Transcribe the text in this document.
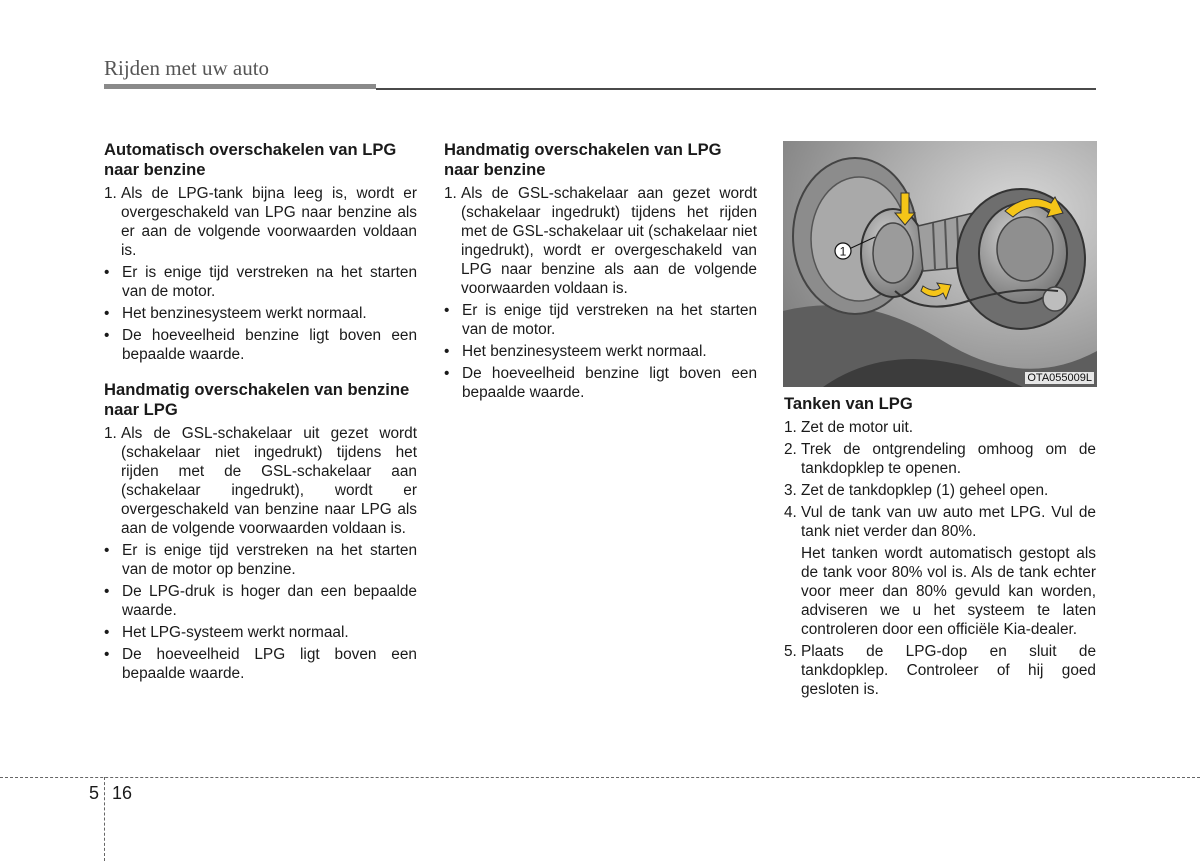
Rijden met uw auto
Automatisch overschakelen van LPG naar benzine
1. Als de LPG-tank bijna leeg is, wordt er overgeschakeld van LPG naar benzine als er aan de volgende voorwaarden voldaan is.
• Er is enige tijd verstreken na het starten van de motor.
• Het benzinesysteem werkt normaal.
• De hoeveelheid benzine ligt boven een bepaalde waarde.
Handmatig overschakelen van benzine naar LPG
1. Als de GSL-schakelaar uit gezet wordt (schakelaar niet ingedrukt) tijdens het rijden met de GSL-schakelaar aan (schakelaar ingedrukt), wordt er overgeschakeld van benzine naar LPG als aan de volgende voorwaarden voldaan is.
• Er is enige tijd verstreken na het starten van de motor op benzine.
• De LPG-druk is hoger dan een bepaalde waarde.
• Het LPG-systeem werkt normaal.
• De hoeveelheid LPG ligt boven een bepaalde waarde.
Handmatig overschakelen van LPG naar benzine
1. Als de GSL-schakelaar aan gezet wordt (schakelaar ingedrukt) tijdens het rijden met de GSL-schakelaar uit (schakelaar niet ingedrukt), wordt er overgeschakeld van LPG naar benzine als aan de volgende voorwaarden voldaan is.
• Er is enige tijd verstreken na het starten van de motor.
• Het benzinesysteem werkt normaal.
• De hoeveelheid benzine ligt boven een bepaalde waarde.
1
OTA055009L
Tanken van LPG
1. Zet de motor uit.
2. Trek de ontgrendeling omhoog om de tankdopklep te openen.
3. Zet de tankdopklep (1) geheel open.
4. Vul de tank van uw auto met LPG. Vul de tank niet verder dan 80%.
Het tanken wordt automatisch gestopt als de tank voor 80% vol is. Als de tank echter voor meer dan 80% gevuld kan worden, adviseren we u het systeem te laten controleren door een officiële Kia-dealer.
5. Plaats de LPG-dop en sluit de tankdopklep. Controleer of hij goed gesloten is.
5 16
